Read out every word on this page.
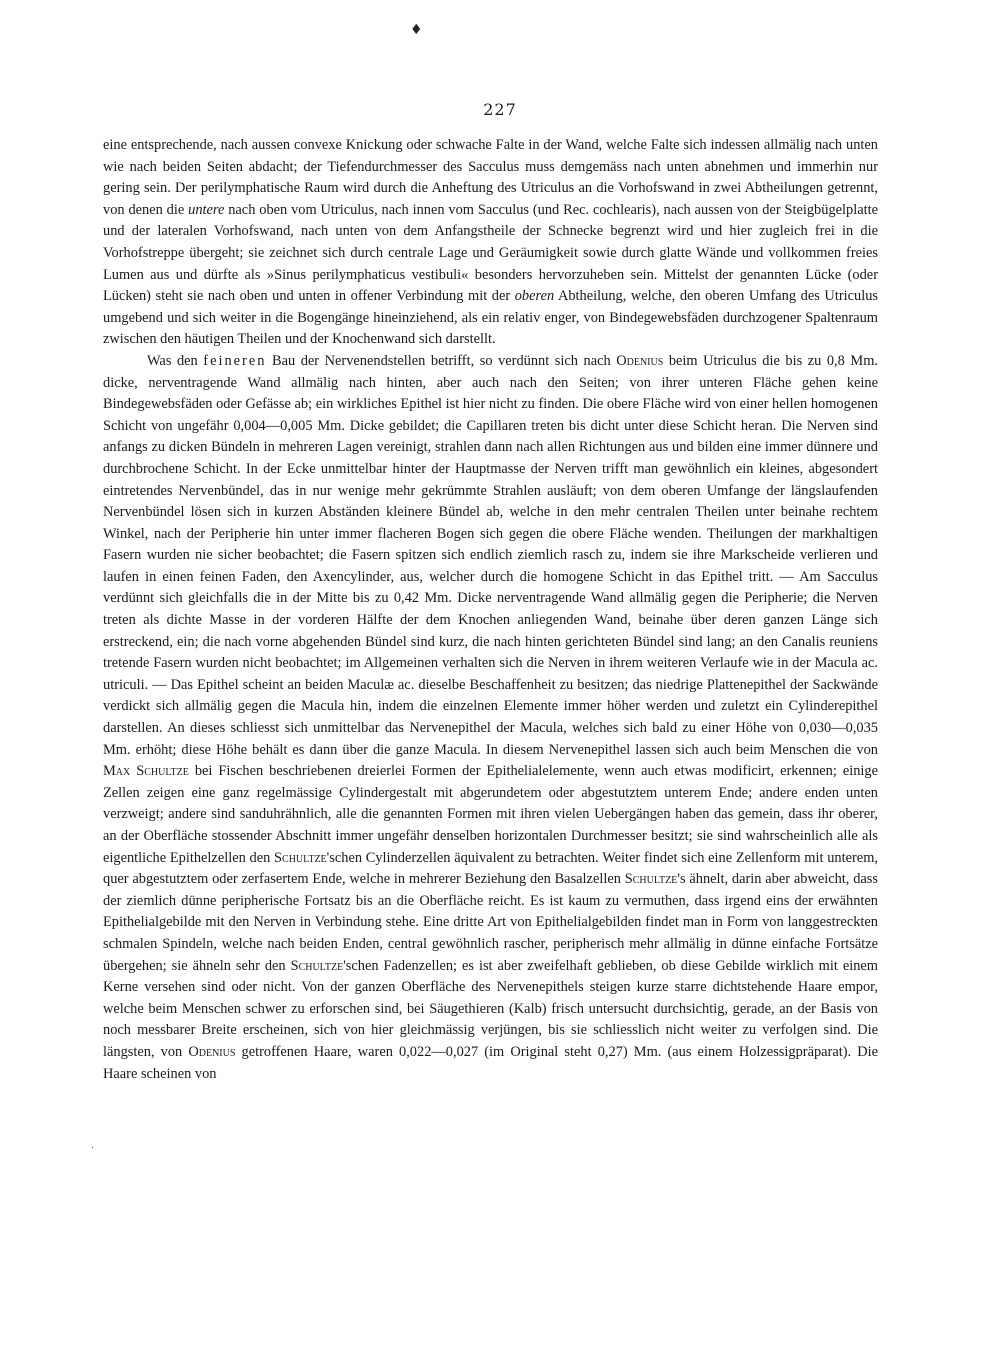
♦
227
·

eine entsprechende, nach aussen convexe Knickung oder schwache Falte in der Wand, welche Falte sich indessen allmälig nach unten wie nach beiden Seiten abdacht; der Tiefendurchmesser des Sacculus muss demgemäss nach unten abnehmen und immerhin nur gering sein. Der perilymphatische Raum wird durch die Anheftung des Utriculus an die Vorhofswand in zwei Abtheilungen getrennt, von denen die untere nach oben vom Utriculus, nach innen vom Sacculus (und Rec. cochlearis), nach aussen von der Steigbügelplatte und der lateralen Vorhofswand, nach unten von dem Anfangstheile der Schnecke begrenzt wird und hier zugleich frei in die Vorhofstreppe übergeht; sie zeichnet sich durch centrale Lage und Geräumigkeit sowie durch glatte Wände und vollkommen freies Lumen aus und dürfte als »Sinus perilymphaticus vestibuli« besonders hervorzuheben sein. Mittelst der genannten Lücke (oder Lücken) steht sie nach oben und unten in offener Verbindung mit der oberen Abtheilung, welche, den oberen Umfang des Utriculus umgebend und sich weiter in die Bogengänge hineinziehend, als ein relativ enger, von Bindegewebsfäden durchzogener Spaltenraum zwischen den häutigen Theilen und der Knochenwand sich darstellt.

Was den feineren Bau der Nervenendstellen betrifft, so verdünnt sich nach Odenius beim Utriculus die bis zu 0,8 Mm. dicke, nerventragende Wand allmälig nach hinten, aber auch nach den Seiten; von ihrer unteren Fläche gehen keine Bindegewebsfäden oder Gefässe ab; ein wirkliches Epithel ist hier nicht zu finden. Die obere Fläche wird von einer hellen homogenen Schicht von ungefähr 0,004—0,005 Mm. Dicke gebildet; die Capillaren treten bis dicht unter diese Schicht heran. Die Nerven sind anfangs zu dicken Bündeln in mehreren Lagen vereinigt, strahlen dann nach allen Richtungen aus und bilden eine immer dünnere und durchbrochene Schicht. In der Ecke unmittelbar hinter der Hauptmasse der Nerven trifft man gewöhnlich ein kleines, abgesondert eintretendes Nervenbündel, das in nur wenige mehr gekrümmte Strahlen ausläuft; von dem oberen Umfange der längslaufenden Nervenbündel lösen sich in kurzen Abständen kleinere Bündel ab, welche in den mehr centralen Theilen unter beinahe rechtem Winkel, nach der Peripherie hin unter immer flacheren Bogen sich gegen die obere Fläche wenden. Theilungen der markhaltigen Fasern wurden nie sicher beobachtet; die Fasern spitzen sich endlich ziemlich rasch zu, indem sie ihre Markscheide verlieren und laufen in einen feinen Faden, den Axencylinder, aus, welcher durch die homogene Schicht in das Epithel tritt. — Am Sacculus verdünnt sich gleichfalls die in der Mitte bis zu 0,42 Mm. Dicke nerventragende Wand allmälig gegen die Peripherie; die Nerven treten als dichte Masse in der vorderen Hälfte der dem Knochen anliegenden Wand, beinahe über deren ganzen Länge sich erstreckend, ein; die nach vorne abgehenden Bündel sind kurz, die nach hinten gerichteten Bündel sind lang; an den Canalis reuniens tretende Fasern wurden nicht beobachtet; im Allgemeinen verhalten sich die Nerven in ihrem weiteren Verlaufe wie in der Macula ac. utriculi. — Das Epithel scheint an beiden Maculæ ac. dieselbe Beschaffenheit zu besitzen; das niedrige Plattenepithel der Sackwände verdickt sich allmälig gegen die Macula hin, indem die einzelnen Elemente immer höher werden und zuletzt ein Cylinderepithel darstellen. An dieses schliesst sich unmittelbar das Nervenepithel der Macula, welches sich bald zu einer Höhe von 0,030—0,035 Mm. erhöht; diese Höhe behält es dann über die ganze Macula. In diesem Nervenepithel lassen sich auch beim Menschen die von Max Schultze bei Fischen beschriebenen dreierlei Formen der Epithelialelemente, wenn auch etwas modificirt, erkennen; einige Zellen zeigen eine ganz regelmässige Cylindergestalt mit abgerundetem oder abgestutztem unterem Ende; andere enden unten verzweigt; andere sind sanduhrähnlich, alle die genannten Formen mit ihren vielen Uebergängen haben das gemein, dass ihr oberer, an der Oberfläche stossender Abschnitt immer ungefähr denselben horizontalen Durchmesser besitzt; sie sind wahrscheinlich alle als eigentliche Epithelzellen den Schultze'schen Cylinderzellen äquivalent zu betrachten. Weiter findet sich eine Zellenform mit unterem, quer abgestutztem oder zerfasertem Ende, welche in mehrerer Beziehung den Basalzellen Schultze's ähnelt, darin aber abweicht, dass der ziemlich dünne peripherische Fortsatz bis an die Oberfläche reicht. Es ist kaum zu vermuthen, dass irgend eins der erwähnten Epithelialgebilde mit den Nerven in Verbindung stehe. Eine dritte Art von Epithelialgebilden findet man in Form von langgestreckten schmalen Spindeln, welche nach beiden Enden, central gewöhnlich rascher, peripherisch mehr allmälig in dünne einfache Fortsätze übergehen; sie ähneln sehr den Schultze'schen Fadenzellen; es ist aber zweifelhaft geblieben, ob diese Gebilde wirklich mit einem Kerne versehen sind oder nicht. Von der ganzen Oberfläche des Nervenepithels steigen kurze starre dichtstehende Haare empor, welche beim Menschen schwer zu erforschen sind, bei Säugethieren (Kalb) frisch untersucht durchsichtig, gerade, an der Basis von noch messbarer Breite erscheinen, sich von hier gleichmässig verjüngen, bis sie schliesslich nicht weiter zu verfolgen sind. Die längsten, von Odenius getroffenen Haare, waren 0,022—0,027 (im Original steht 0,27) Mm. (aus einem Holzessigpräparat). Die Haare scheinen von
